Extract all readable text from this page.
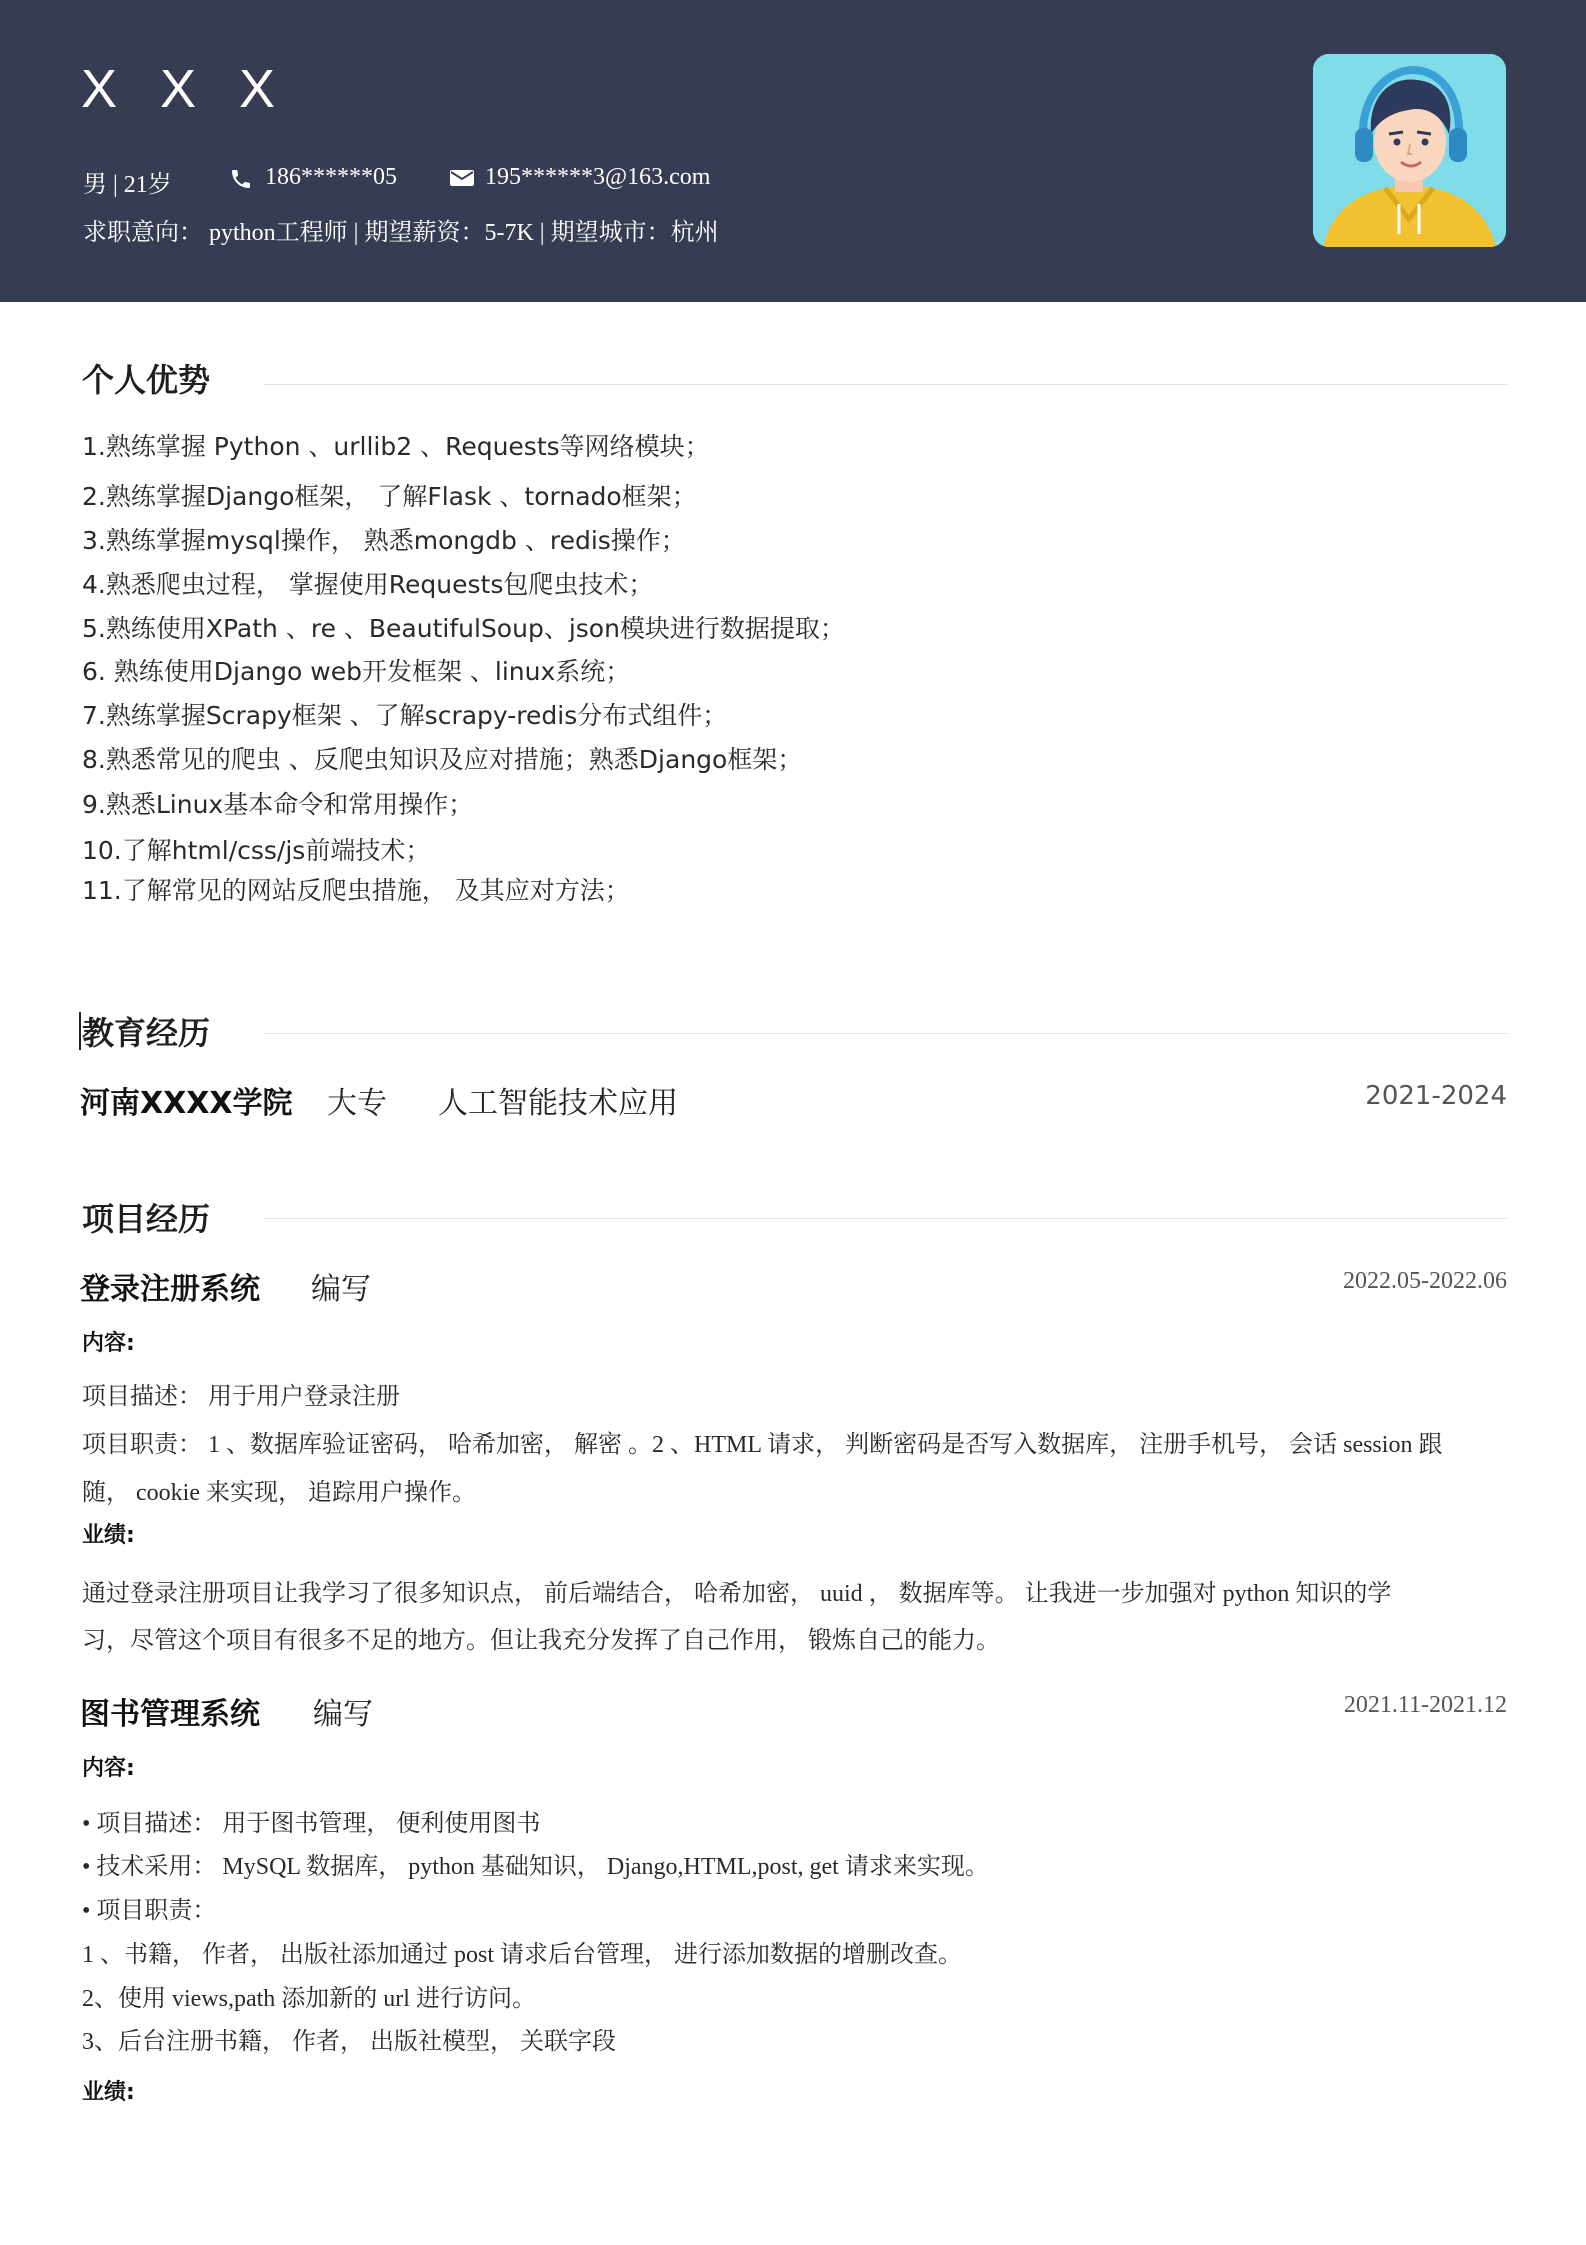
X X X
男 | 21岁	186******05	195******3@163.com
求职意向： python工程师 | 期望薪资：5-7K | 期望城市：杭州
个人优势
1.熟练掌握 Python 、urllib2 、Requests等网络模块；
2.熟练掌握Django框架， 了解Flask 、tornado框架；
3.熟练掌握mysql操作， 熟悉mongdb 、redis操作；
4.熟悉爬虫过程， 掌握使用Requests包爬虫技术；
5.熟练使用XPath 、re 、BeautifulSoup、json模块进行数据提取；
6. 熟练使用Django web开发框架 、linux系统；
7.熟练掌握Scrapy框架 、了解scrapy-redis分布式组件；
8.熟悉常见的爬虫 、反爬虫知识及应对措施；熟悉Django框架；
9.熟悉Linux基本命令和常用操作；
10.了解html/css/js前端技术；
11.了解常见的网站反爬虫措施， 及其应对方法；
教育经历
河南XXXX学院 大专 人工智能技术应用	2021-2024
项目经历
登录注册系统 编写	2022.05-2022.06
内容:
项目描述： 用于用户登录注册
项目职责： 1 、数据库验证密码， 哈希加密， 解密 。2 、HTML 请求， 判断密码是否写入数据库， 注册手机号， 会话 session 跟
随， cookie 来实现， 追踪用户操作。
业绩:
通过登录注册项目让我学习了很多知识点， 前后端结合， 哈希加密， uuid ， 数据库等。 让我进一步加强对 python 知识的学
习，尽管这个项目有很多不足的地方。但让我充分发挥了自己作用， 锻炼自己的能力。
图书管理系统 编写	2021.11-2021.12
内容:
• 项目描述： 用于图书管理， 便利使用图书
• 技术采用： MySQL 数据库， python 基础知识， Django,HTML,post, get 请求来实现。
• 项目职责：
1 、书籍， 作者， 出版社添加通过 post 请求后台管理， 进行添加数据的增删改查。
2、使用 views,path 添加新的 url 进行访问。
3、后台注册书籍， 作者， 出版社模型， 关联字段
业绩:
